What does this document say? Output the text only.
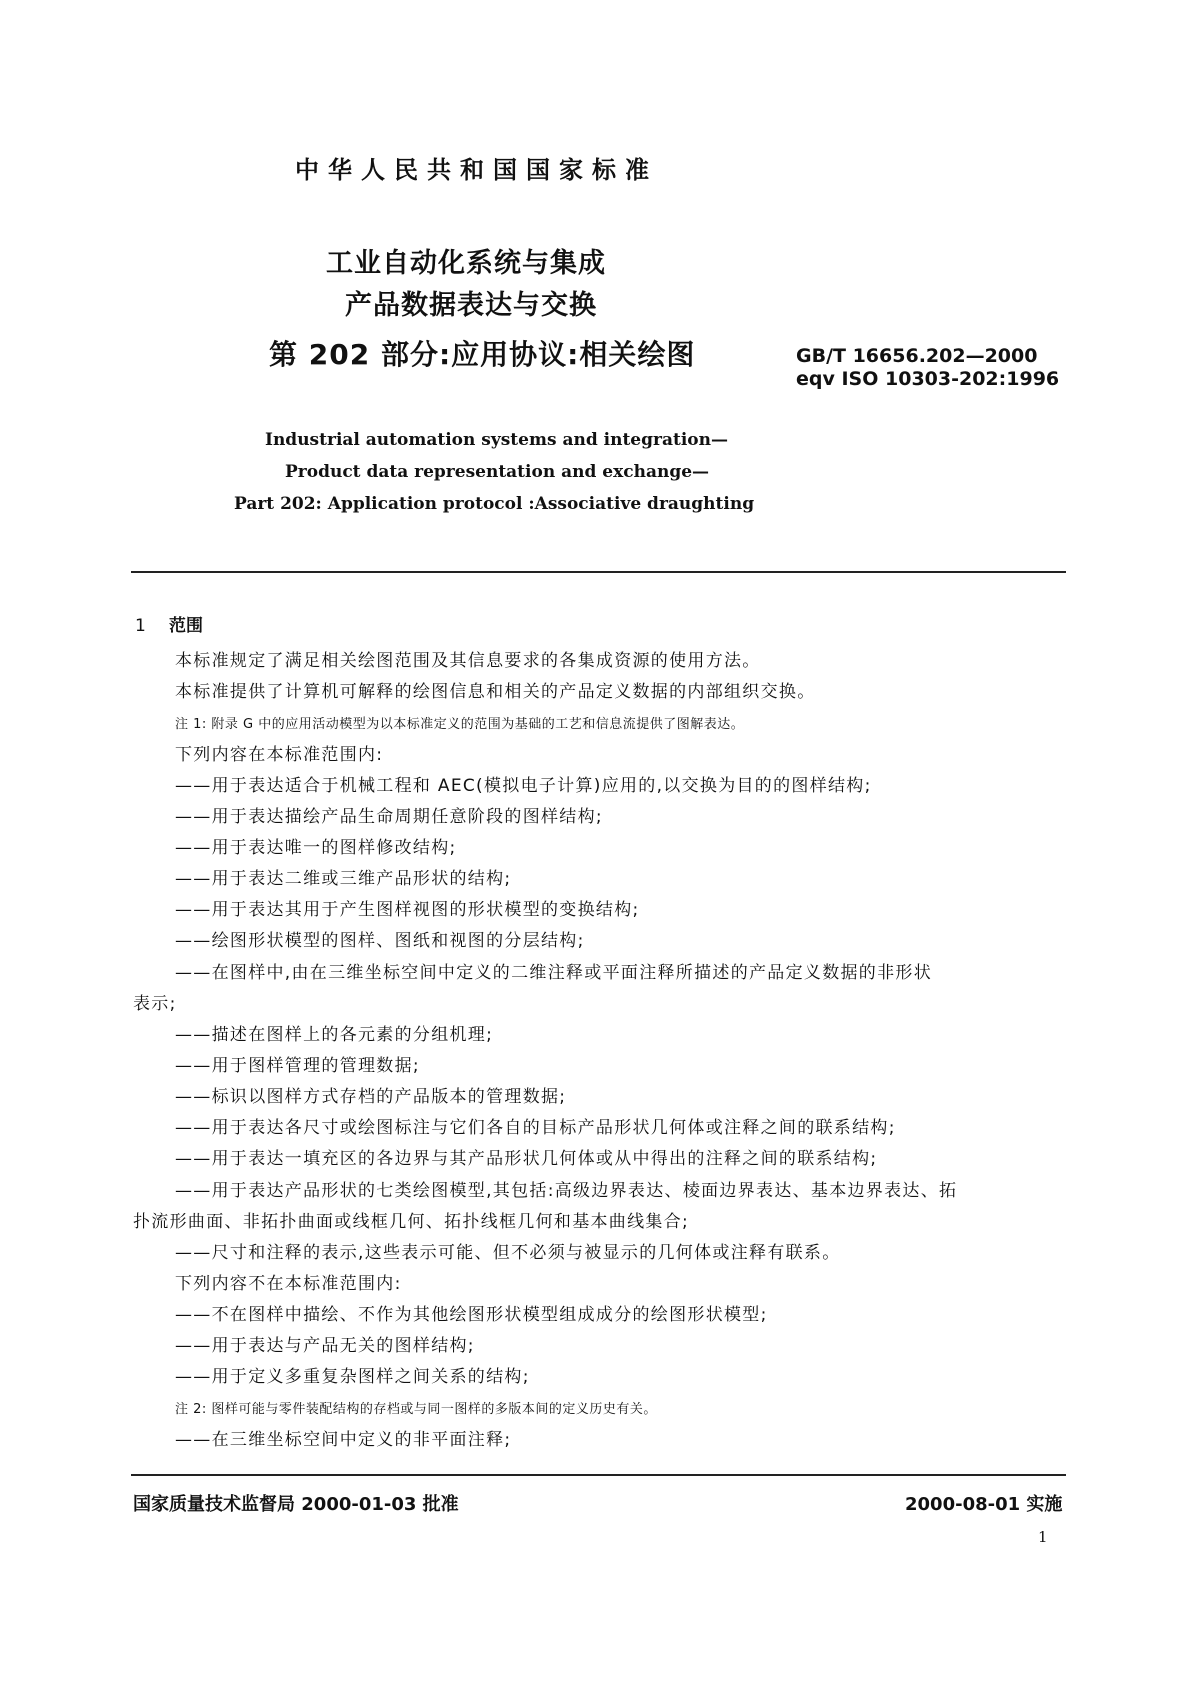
中华人民共和国国家标准
工业自动化系统与集成
产品数据表达与交换
第 202 部分:应用协议:相关绘图	GB/T 16656.202—2000
eqv ISO 10303-202:1996
Industrial automation systems and integration—
Product data representation and exchange—
Part 202: Application protocol :Associative draughting
1 范围
本标准规定了满足相关绘图范围及其信息要求的各集成资源的使用方法。
本标准提供了计算机可解释的绘图信息和相关的产品定义数据的内部组织交换。
注 1: 附录 G 中的应用活动模型为以本标准定义的范围为基础的工艺和信息流提供了图解表达。
下列内容在本标准范围内:
——用于表达适合于机械工程和 AEC(模拟电子计算)应用的,以交换为目的的图样结构;
——用于表达描绘产品生命周期任意阶段的图样结构;
——用于表达唯一的图样修改结构;
——用于表达二维或三维产品形状的结构;
——用于表达其用于产生图样视图的形状模型的变换结构;
——绘图形状模型的图样、图纸和视图的分层结构;
——在图样中,由在三维坐标空间中定义的二维注释或平面注释所描述的产品定义数据的非形状
表示;
——描述在图样上的各元素的分组机理;
——用于图样管理的管理数据;
——标识以图样方式存档的产品版本的管理数据;
——用于表达各尺寸或绘图标注与它们各自的目标产品形状几何体或注释之间的联系结构;
——用于表达一填充区的各边界与其产品形状几何体或从中得出的注释之间的联系结构;
——用于表达产品形状的七类绘图模型,其包括:高级边界表达、棱面边界表达、基本边界表达、拓
扑流形曲面、非拓扑曲面或线框几何、拓扑线框几何和基本曲线集合;
——尺寸和注释的表示,这些表示可能、但不必须与被显示的几何体或注释有联系。
下列内容不在本标准范围内:
——不在图样中描绘、不作为其他绘图形状模型组成成分的绘图形状模型;
——用于表达与产品无关的图样结构;
——用于定义多重复杂图样之间关系的结构;
注 2: 图样可能与零件装配结构的存档或与同一图样的多版本间的定义历史有关。
——在三维坐标空间中定义的非平面注释;
国家质量技术监督局 2000-01-03 批准	2000-08-01 实施
1
